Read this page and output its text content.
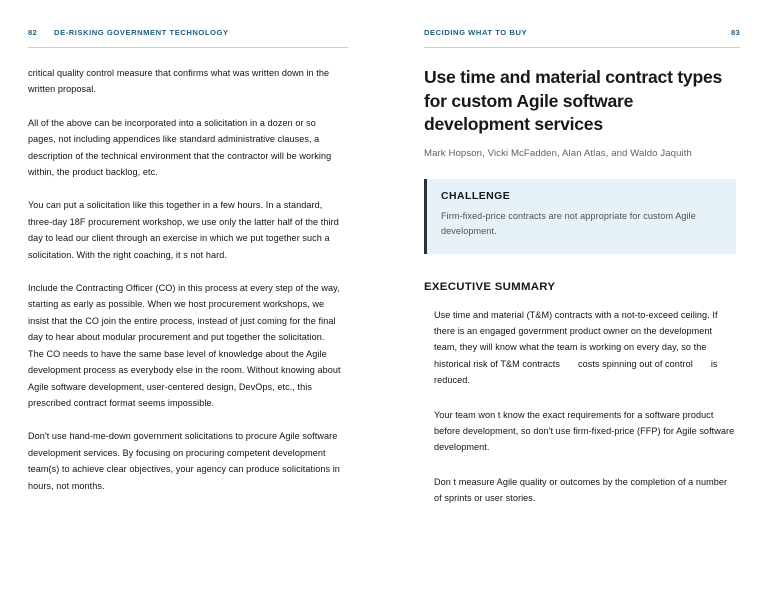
82 DE-RISKING GOVERNMENT TECHNOLOGY

critical quality control measure that confirms what was written down in the written proposal.

All of the above can be incorporated into a solicitation in a dozen or so pages, not including appendices like standard administrative clauses, a description of the technical environment that the contractor will be working within, the product backlog, etc.

You can put a solicitation like this together in a few hours. In a standard, three-day 18F procurement workshop, we use only the latter half of the third day to lead our client through an exercise in which we put together such a solicitation. With the right coaching, it s not hard.

Include the Contracting Officer (CO) in this process at every step of the way, starting as early as possible. When we host procurement workshops, we insist that the CO join the entire process, instead of just coming for the final day to hear about modular procurement and put together the solicitation. The CO needs to have the same base level of knowledge about the Agile development process as everybody else in the room. Without knowing about Agile software development, user-centered design, DevOps, etc., this prescribed contract format seems impossible.

Don't use hand-me-down government solicitations to procure Agile software development services. By focusing on procuring competent development team(s) to achieve clear objectives, your agency can produce solicitations in hours, not months.

DECIDING WHAT TO BUY	83
Use time and material contract types for custom Agile software development services

Mark Hopson, Vicki McFadden, Alan Atlas, and Waldo Jaquith

CHALLENGE

Firm-fixed-price contracts are not appropriate for custom Agile development.

EXECUTIVE SUMMARY

Use time and material (T&M) contracts with a not-to-exceed ceiling. If there is an engaged government product owner on the development team, they will know what the team is working on every day, so the historical risk of T&M contracts costs spinning out of control is reduced.

Your team won t know the exact requirements for a software product before development, so don't use firm-fixed-price (FFP) for Agile software development.

Don t measure Agile quality or outcomes by the completion of a number of sprints or user stories.
